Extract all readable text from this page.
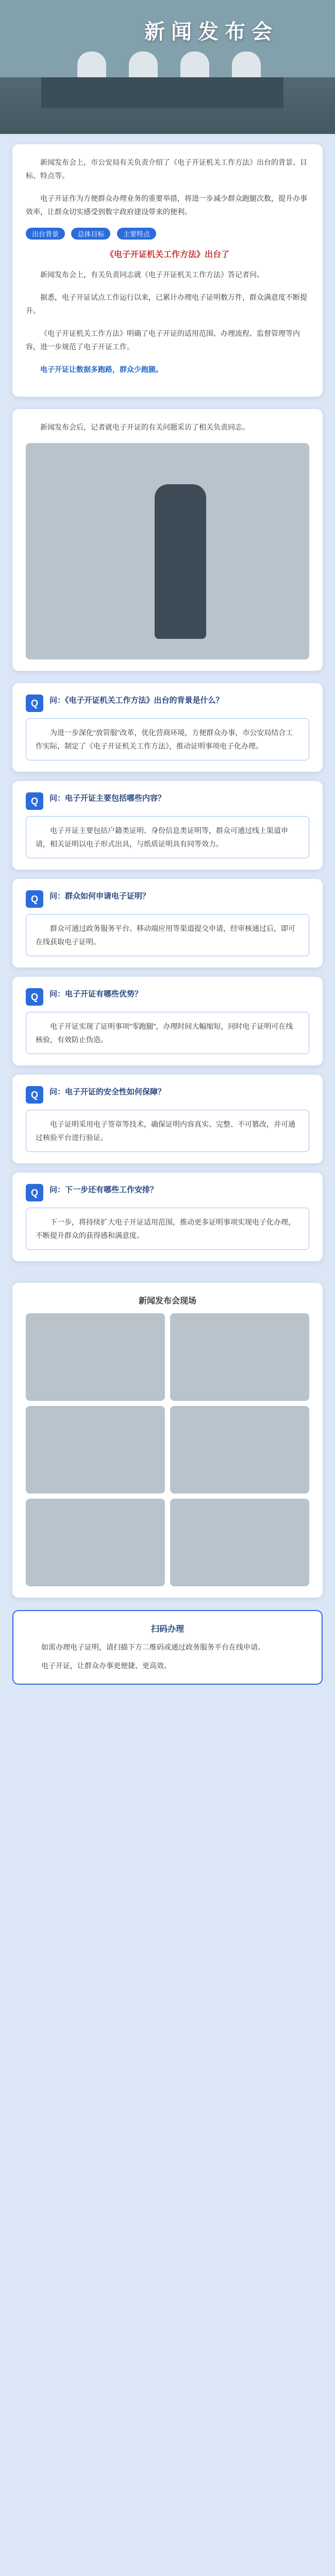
新闻发布会

新闻发布会上，市公安局有关负责介绍了《电子开证机关工作方法》出台的背景、目标、特点等。

电子开证作为方便群众办理业务的重要举措，将进一步减少群众跑腿次数，提升办事效率，让群众切实感受到数字政府建设带来的便利。

出台背景	总体目标	主要特点
《电子开证机关工作方法》出台了

新闻发布会上，有关负责同志就《电子开证机关工作方法》答记者问。

据悉，电子开证试点工作运行以来，已累计办理电子证明数万件，群众满意度不断提升。

《电子开证机关工作方法》明确了电子开证的适用范围、办理流程、监督管理等内容，进一步规范了电子开证工作。

电子开证让数据多跑路，群众少跑腿。

新闻发布会后，记者就电子开证的有关问题采访了相关负责同志。

Q	问：《电子开证机关工作方法》出台的背景是什么？

为进一步深化“放管服”改革，优化营商环境，方便群众办事，市公安局结合工作实际，制定了《电子开证机关工作方法》，推动证明事项电子化办理。

Q	问：电子开证主要包括哪些内容？

电子开证主要包括户籍类证明、身份信息类证明等，群众可通过线上渠道申请，相关证明以电子形式出具，与纸质证明具有同等效力。

Q	问：群众如何申请电子证明？

群众可通过政务服务平台、移动端应用等渠道提交申请，经审核通过后，即可在线获取电子证明。

Q	问：电子开证有哪些优势？

电子开证实现了证明事项“零跑腿”，办理时间大幅缩短，同时电子证明可在线核验，有效防止伪造。

Q	问：电子开证的安全性如何保障？

电子证明采用电子签章等技术，确保证明内容真实、完整、不可篡改，并可通过核验平台进行验证。

Q	问：下一步还有哪些工作安排？

下一步，将持续扩大电子开证适用范围，推动更多证明事项实现电子化办理，不断提升群众的获得感和满意度。

新闻发布会现场
扫码办理

如需办理电子证明，请扫描下方二维码或通过政务服务平台在线申请。

电子开证，让群众办事更便捷、更高效。
